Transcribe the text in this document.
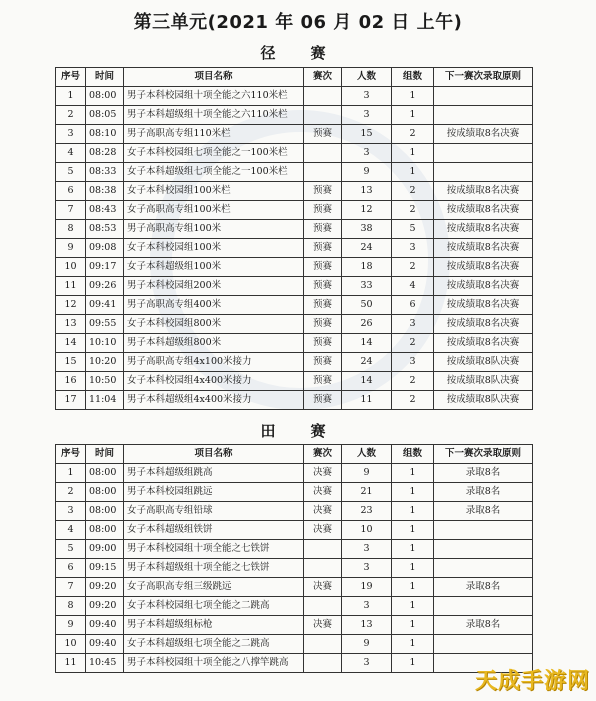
第三单元(2021 年 06 月 02 日 上午)
径　赛
序号	时间	项目名称	赛次	人数	组数	下一赛次录取原则
1	08:00	男子本科校园组十项全能之六110米栏		3	1	
2	08:05	男子本科超级组十项全能之六110米栏		3	1	
3	08:10	男子高职高专组110米栏	预赛	15	2	按成绩取8名决赛
4	08:28	女子本科校园组七项全能之一100米栏		3	1	
5	08:33	女子本科超级组七项全能之一100米栏		9	1	
6	08:38	女子本科校园组100米栏	预赛	13	2	按成绩取8名决赛
7	08:43	女子高职高专组100米栏	预赛	12	2	按成绩取8名决赛
8	08:53	男子高职高专组100米	预赛	38	5	按成绩取8名决赛
9	09:08	女子本科校园组100米	预赛	24	3	按成绩取8名决赛
10	09:17	女子本科超级组100米	预赛	18	2	按成绩取8名决赛
11	09:26	男子本科校园组200米	预赛	33	4	按成绩取8名决赛
12	09:41	男子高职高专组400米	预赛	50	6	按成绩取8名决赛
13	09:55	女子本科校园组800米	预赛	26	3	按成绩取8名决赛
14	10:10	男子本科超级组800米	预赛	14	2	按成绩取8名决赛
15	10:20	男子高职高专组4x100米接力	预赛	24	3	按成绩取8队决赛
16	10:50	女子本科校园组4x400米接力	预赛	14	2	按成绩取8队决赛
17	11:04	男子本科超级组4x400米接力	预赛	11	2	按成绩取8队决赛
田　赛
序号	时间	项目名称	赛次	人数	组数	下一赛次录取原则
1	08:00	男子本科超级组跳高	决赛	9	1	录取8名
2	08:00	男子本科校园组跳远	决赛	21	1	录取8名
3	08:00	女子高职高专组铅球	决赛	23	1	录取8名
4	08:00	女子本科超级组铁饼	决赛	10	1	
5	09:00	男子本科校园组十项全能之七铁饼		3	1	
6	09:15	男子本科超级组十项全能之七铁饼		3	1	
7	09:20	女子高职高专组三级跳远	决赛	19	1	录取8名
8	09:20	女子本科校园组七项全能之二跳高		3	1	
9	09:40	男子本科超级组标枪	决赛	13	1	录取8名
10	09:40	女子本科超级组七项全能之二跳高		9	1	
11	10:45	男子本科校园组十项全能之八撑竿跳高		3	1	
天成手游网
